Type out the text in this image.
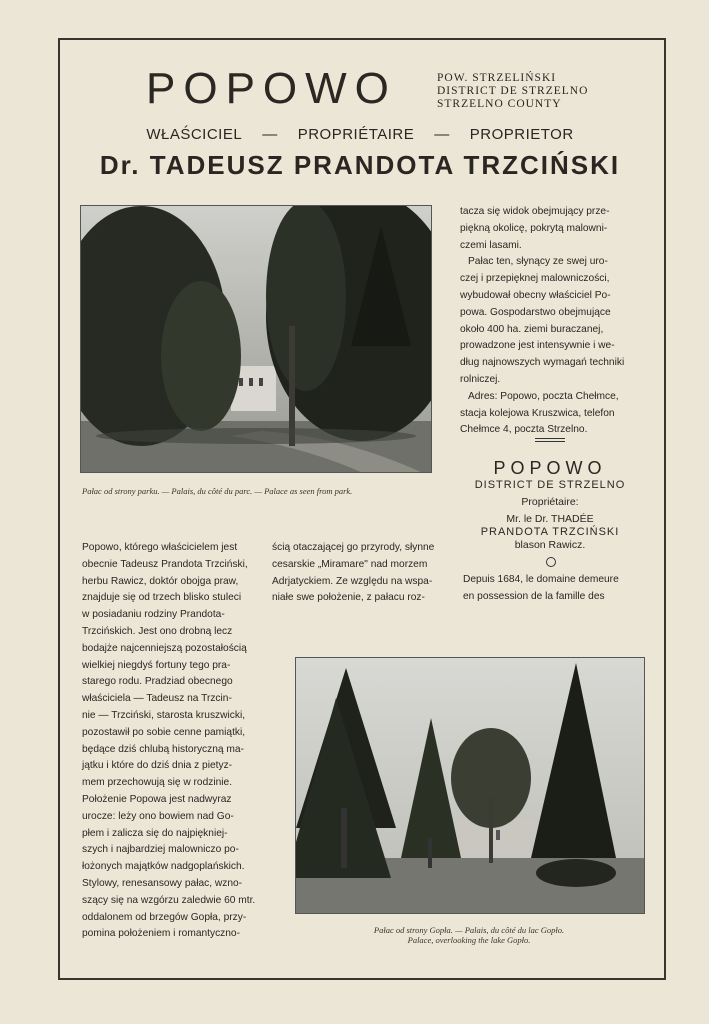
POPOWO	POW. STRZELIŃSKI
DISTRICT DE STRZELNO
STRZELNO COUNTY
WŁAŚCICIEL — PROPRIÉTAIRE — PROPRIETOR
Dr. TADEUSZ PRANDOTA TRZCIŃSKI
Pałac od strony parku. — Palais, du côté du parc. — Palace as seen from park.
tacza się widok obejmujący prze-
piękną okolicę, pokrytą malowni-
czemi lasami.
Pałac ten, słynący ze swej uro-
czej i przepięknej malowniczości,
wybudował obecny właściciel Po-
powa. Gospodarstwo obejmujące
około 400 ha. ziemi buraczanej,
prowadzone jest intensywnie i we-
dług najnowszych wymagań techniki
rolniczej.
Adres: Popowo, poczta Chełmce,
stacja kolejowa Kruszwica, telefon
Chełmce 4, poczta Strzelno.
POPOWO
DISTRICT DE STRZELNO
Propriétaire:
Mr. le Dr. THADÉE
PRANDOTA TRZCIŃSKI
blason Rawicz.
Depuis 1684, le domaine demeure
en possession de la famille des
Popowo, którego właścicielem jest
obecnie Tadeusz Prandota Trzciński,
herbu Rawicz, doktór obojga praw,
znajduje się od trzech blisko stuleci
w posiadaniu rodziny Prandota-
Trzcińskich. Jest ono drobną lecz
bodajże najcenniejszą pozostałością
wielkiej niegdyś fortuny tego pra-
starego rodu. Pradziad obecnego
właściciela — Tadeusz na Trzcin-
nie — Trzciński, starosta kruszwicki,
pozostawił po sobie cenne pamiątki,
będące dziś chlubą historyczną ma-
jątku i które do dziś dnia z pietyz-
mem przechowują się w rodzinie.
Położenie Popowa jest nadwyraz
urocze: leży ono bowiem nad Go-
płem i zalicza się do najpiękniej-
szych i najbardziej malowniczo po-
łożonych majątków nadgoplańskich.
Stylowy, renesansowy pałac, wzno-
szący się na wzgórzu zaledwie 60 mtr.
oddalonem od brzegów Gopła, przy-
pomina położeniem i romantyczno-
ścią otaczającej go przyrody, słynne
cesarskie „Miramare" nad morzem
Adrjatyckiem. Ze względu na wspa-
niałe swe położenie, z pałacu roz-
Pałac od strony Gopła. — Palais, du côté du lac Gopło.
Palace, overlooking the lake Gopło.
